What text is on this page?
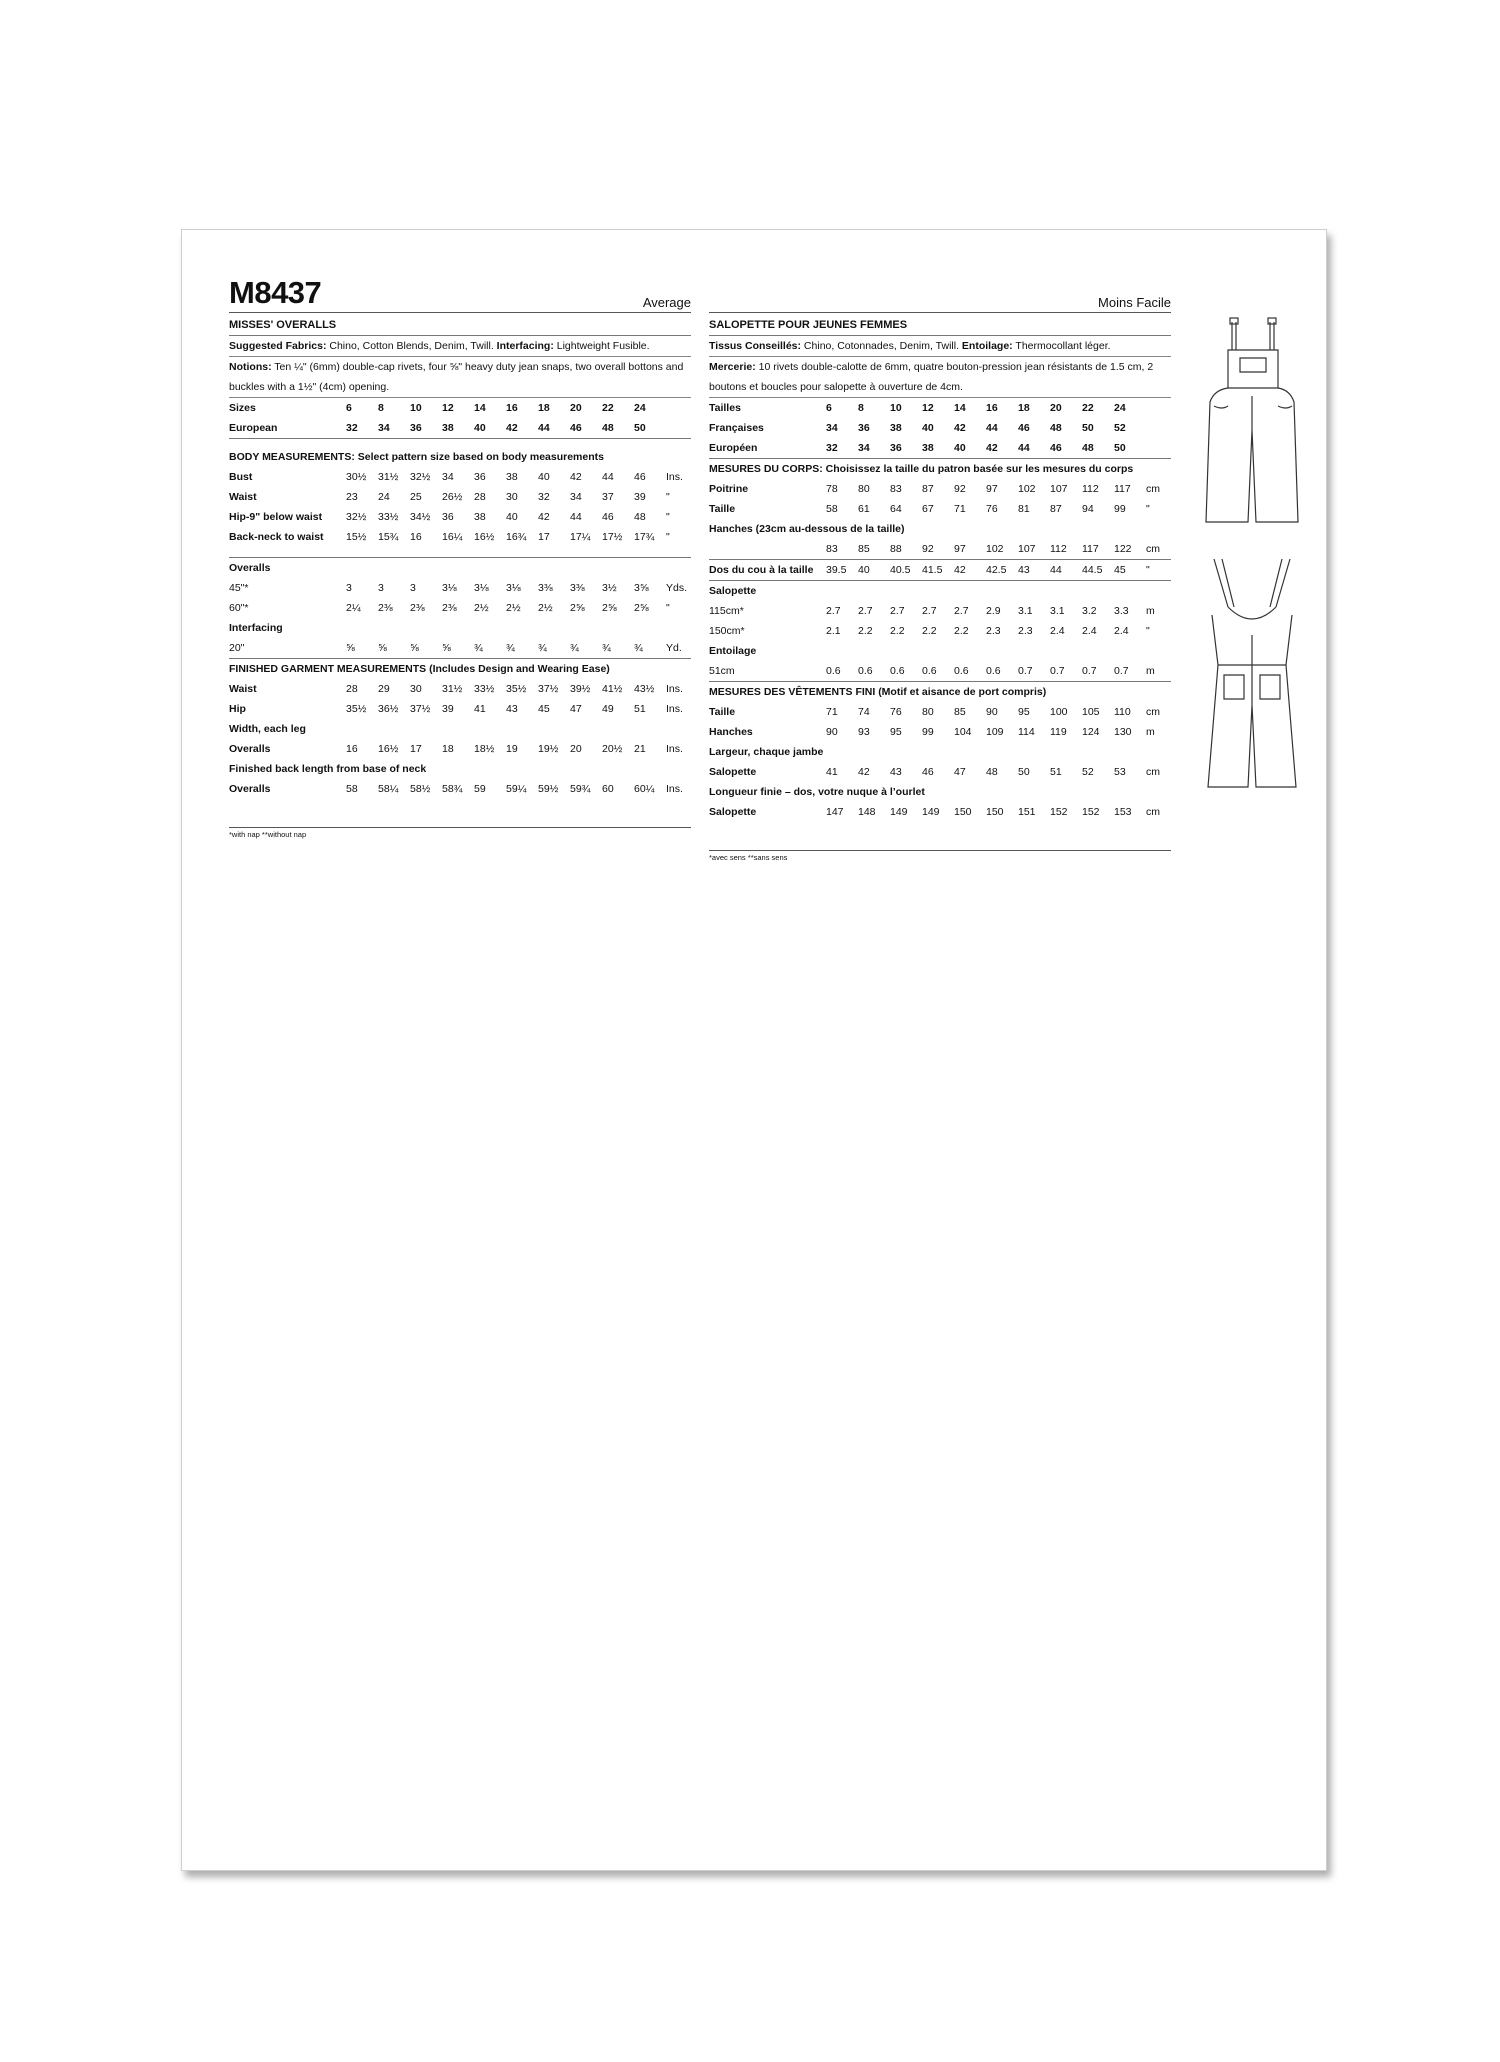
M8437	Average
MISSES' OVERALLS
Suggested Fabrics: Chino, Cotton Blends, Denim, Twill. Interfacing: Lightweight Fusible.
Notions: Ten ¼" (6mm) double-cap rivets, four ⅝" heavy duty jean snaps, two overall bottons and buckles with a 1½" (4cm) opening.
Sizes	6	8	10	12	14	16	18	20	22	24
European	32	34	36	38	40	42	44	46	48	50
BODY MEASUREMENTS: Select pattern size based on body measurements
Bust	30½	31½	32½	34	36	38	40	42	44	46	Ins.
Waist	23	24	25	26½	28	30	32	34	37	39	"
Hip-9" below waist	32½	33½	34½	36	38	40	42	44	46	48	"
Back-neck to waist	15½	15¾	16	16¼	16½	16¾	17	17¼	17½	17¾	"
Overalls
45"*	3	3	3	3⅛	3⅛	3⅛	3⅜	3⅜	3½	3⅝	Yds.
60"*	2¼	2⅜	2⅜	2⅜	2½	2½	2½	2⅝	2⅝	2⅝	"
Interfacing
20"	⅝	⅝	⅝	⅝	¾	¾	¾	¾	¾	¾	Yd.
FINISHED GARMENT MEASUREMENTS (Includes Design and Wearing Ease)
Waist	28	29	30	31½	33½	35½	37½	39½	41½	43½	Ins.
Hip	35½	36½	37½	39	41	43	45	47	49	51	Ins.
Width, each leg
Overalls	16	16½	17	18	18½	19	19½	20	20½	21	Ins.
Finished back length from base of neck
Overalls	58	58¼	58½	58¾	59	59¼	59½	59¾	60	60¼	Ins.
*with nap **without nap
Moins Facile
SALOPETTE POUR JEUNES FEMMES
Tissus Conseillés: Chino, Cotonnades, Denim, Twill. Entoilage: Thermocollant léger.
Mercerie: 10 rivets double-calotte de 6mm, quatre bouton-pression jean résistants de 1.5 cm, 2 boutons et boucles pour salopette à ouverture de 4cm.
Tailles	6	8	10	12	14	16	18	20	22	24
Françaises	34	36	38	40	42	44	46	48	50	52
Européen	32	34	36	38	40	42	44	46	48	50
MESURES DU CORPS: Choisissez la taille du patron basée sur les mesures du corps
Poitrine	78	80	83	87	92	97	102	107	112	117	cm
Taille	58	61	64	67	71	76	81	87	94	99	"
Hanches (23cm au-dessous de la taille)
83	85	88	92	97	102	107	112	117	122	cm
Dos du cou à la taille	39.5	40	40.5	41.5	42	42.5	43	44	44.5	45	"
Salopette
115cm*	2.7	2.7	2.7	2.7	2.7	2.9	3.1	3.1	3.2	3.3	m
150cm*	2.1	2.2	2.2	2.2	2.2	2.3	2.3	2.4	2.4	2.4	"
Entoilage
51cm	0.6	0.6	0.6	0.6	0.6	0.6	0.7	0.7	0.7	0.7	m
MESURES DES VÊTEMENTS FINI (Motif et aisance de port compris)
Taille	71	74	76	80	85	90	95	100	105	110	cm
Hanches	90	93	95	99	104	109	114	119	124	130	m
Largeur, chaque jambe
Salopette	41	42	43	46	47	48	50	51	52	53	cm
Longueur finie – dos, votre nuque à l’ourlet
Salopette	147	148	149	149	150	150	151	152	152	153	cm
*avec sens **sans sens
